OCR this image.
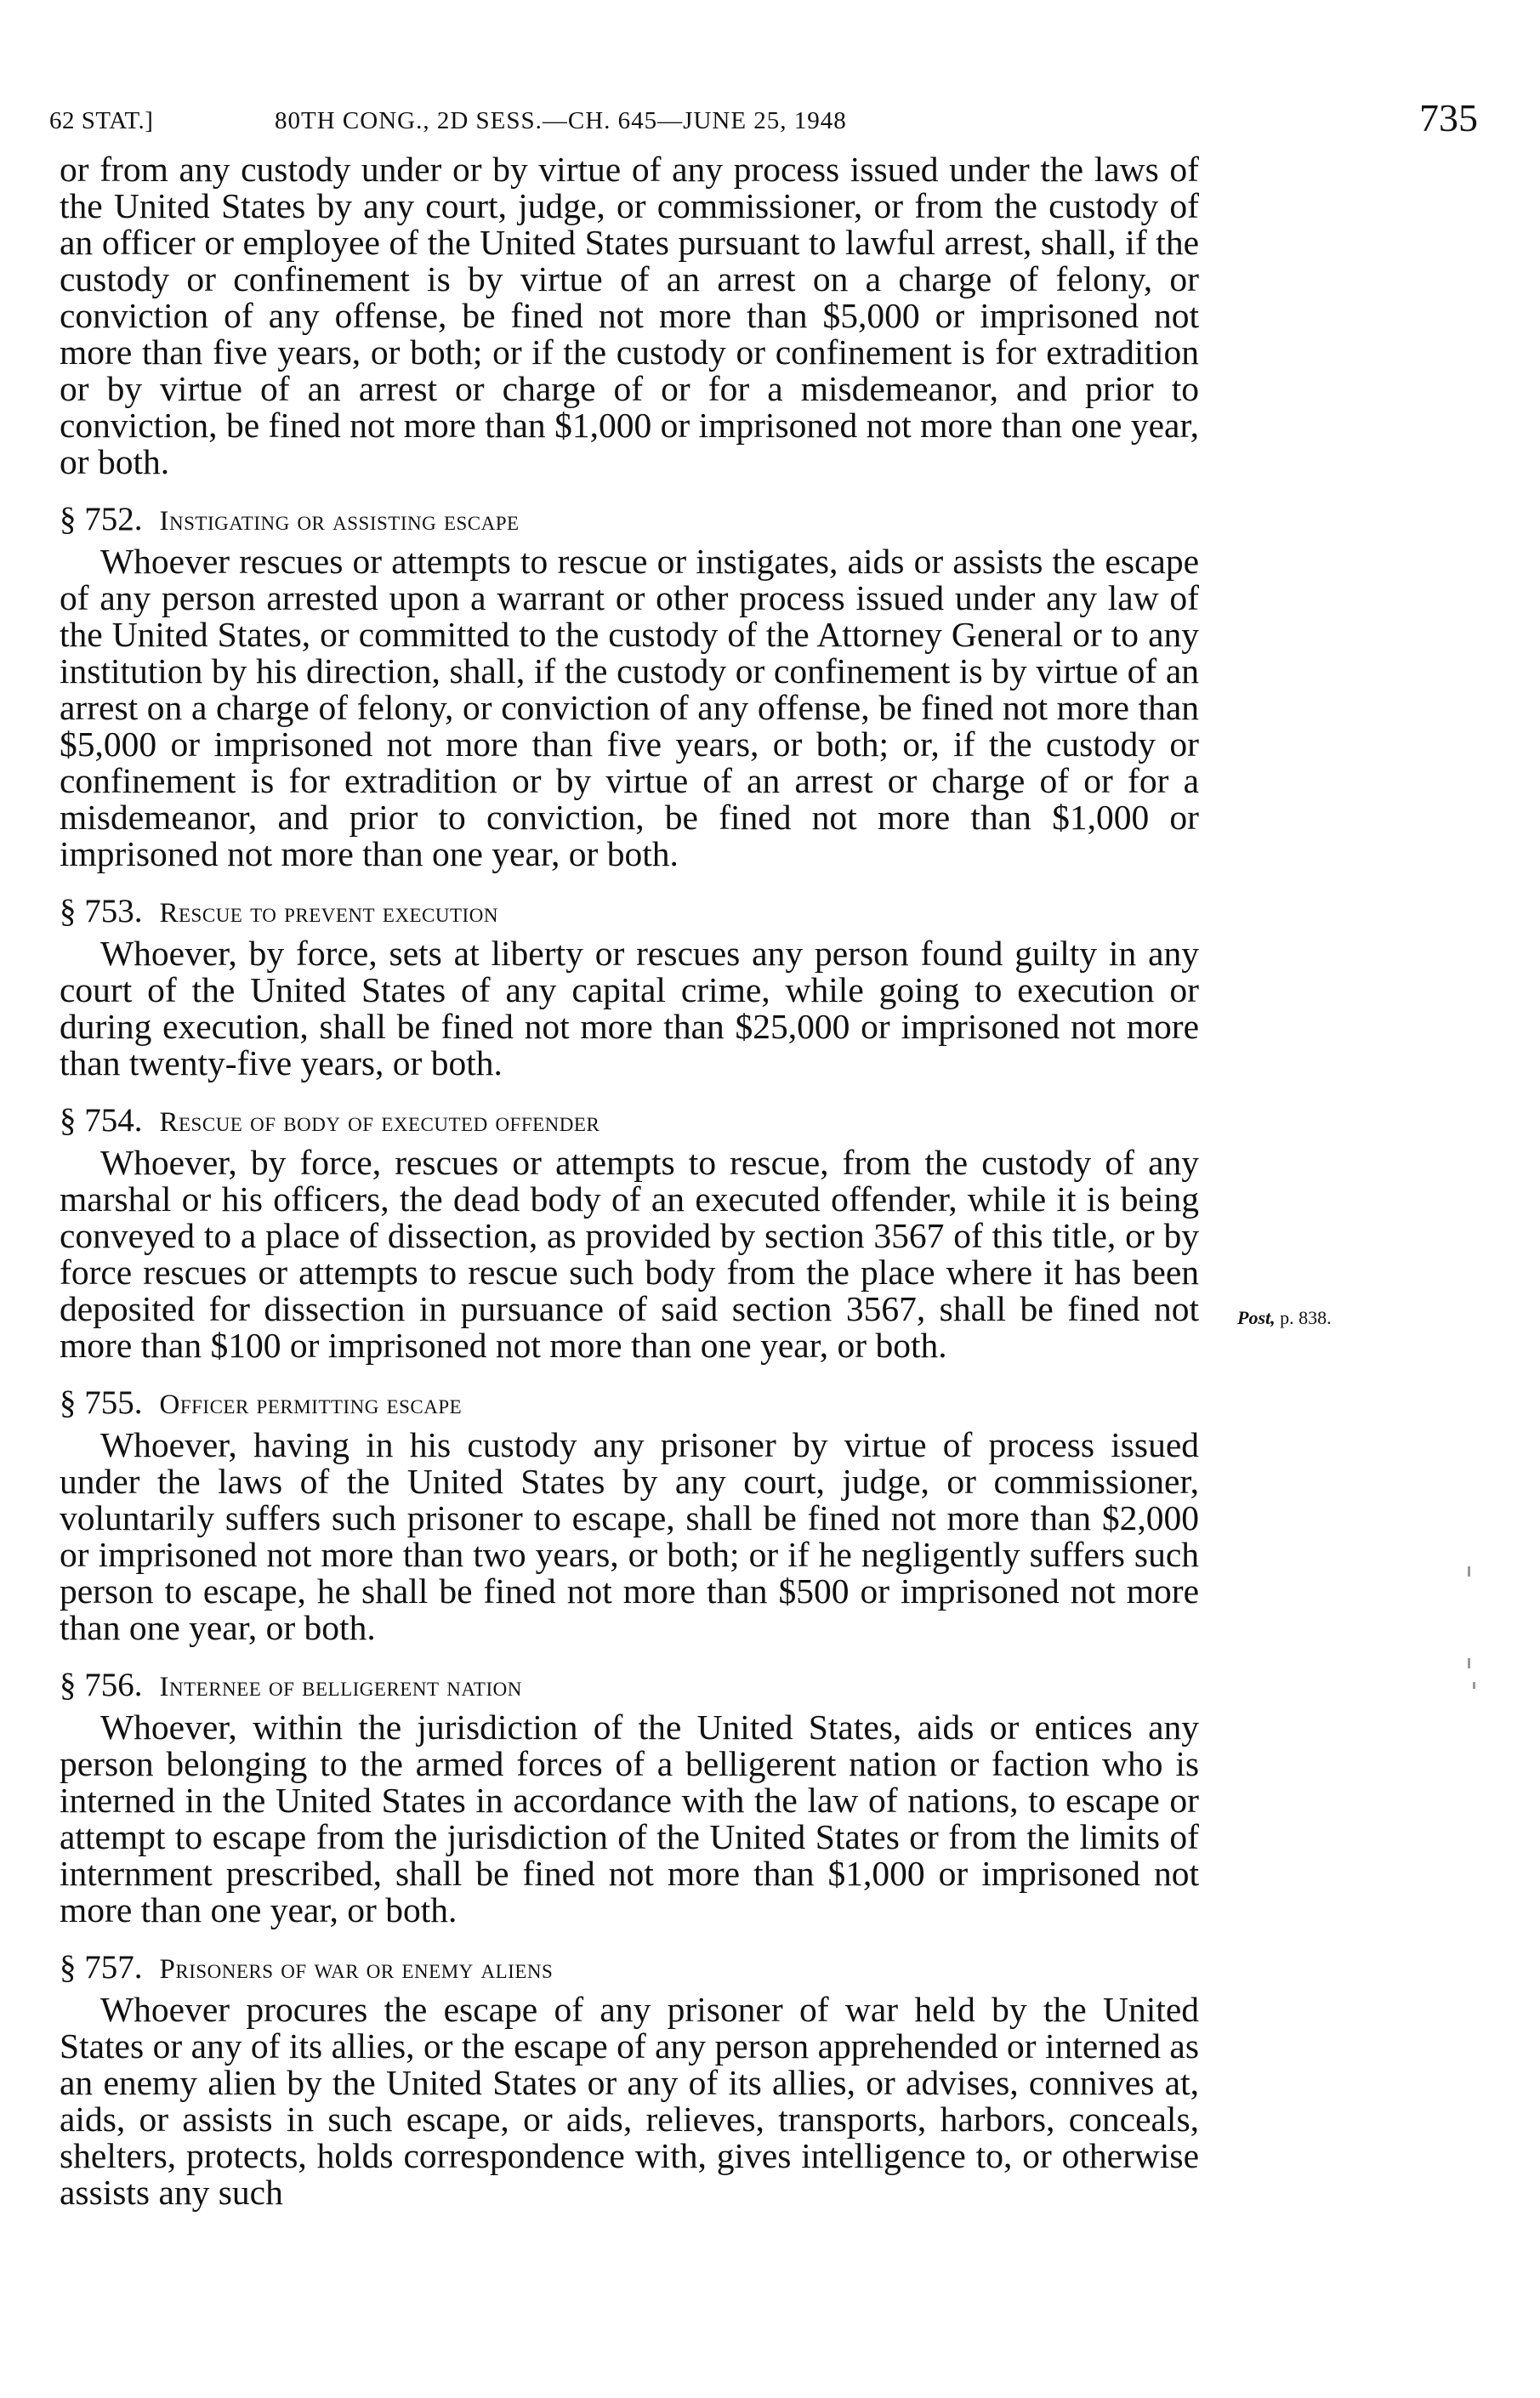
62 STAT.]	80TH CONG., 2D SESS.—CH. 645—JUNE 25, 1948	735

or from any custody under or by virtue of any process issued under the laws of the United States by any court, judge, or commissioner, or from the custody of an officer or employee of the United States pursuant to lawful arrest, shall, if the custody or confinement is by virtue of an arrest on a charge of felony, or conviction of any offense, be fined not more than $5,000 or imprisoned not more than five years, or both; or if the custody or confinement is for extradition or by virtue of an arrest or charge of or for a misdemeanor, and prior to conviction, be fined not more than $1,000 or imprisoned not more than one year, or both.

§ 752. Instigating or assisting escape

Whoever rescues or attempts to rescue or instigates, aids or assists the escape of any person arrested upon a warrant or other process issued under any law of the United States, or committed to the custody of the Attorney General or to any institution by his direction, shall, if the custody or confinement is by virtue of an arrest on a charge of felony, or conviction of any offense, be fined not more than $5,000 or imprisoned not more than five years, or both; or, if the custody or confinement is for extradition or by virtue of an arrest or charge of or for a misdemeanor, and prior to conviction, be fined not more than $1,000 or imprisoned not more than one year, or both.

§ 753. Rescue to prevent execution

Whoever, by force, sets at liberty or rescues any person found guilty in any court of the United States of any capital crime, while going to execution or during execution, shall be fined not more than $25,000 or imprisoned not more than twenty-five years, or both.

§ 754. Rescue of body of executed offender

Whoever, by force, rescues or attempts to rescue, from the custody of any marshal or his officers, the dead body of an executed offender, while it is being conveyed to a place of dissection, as provided by section 3567 of this title, or by force rescues or attempts to rescue such body from the place where it has been deposited for dissection in pursuance of said section 3567, shall be fined not more than $100 or imprisoned not more than one year, or both.

§ 755. Officer permitting escape

Whoever, having in his custody any prisoner by virtue of process issued under the laws of the United States by any court, judge, or commissioner, voluntarily suffers such prisoner to escape, shall be fined not more than $2,000 or imprisoned not more than two years, or both; or if he negligently suffers such person to escape, he shall be fined not more than $500 or imprisoned not more than one year, or both.

§ 756. Internee of belligerent nation

Whoever, within the jurisdiction of the United States, aids or entices any person belonging to the armed forces of a belligerent nation or faction who is interned in the United States in accordance with the law of nations, to escape or attempt to escape from the jurisdiction of the United States or from the limits of internment prescribed, shall be fined not more than $1,000 or imprisoned not more than one year, or both.

§ 757. Prisoners of war or enemy aliens

Whoever procures the escape of any prisoner of war held by the United States or any of its allies, or the escape of any person apprehended or interned as an enemy alien by the United States or any of its allies, or advises, connives at, aids, or assists in such escape, or aids, relieves, transports, harbors, conceals, shelters, protects, holds correspondence with, gives intelligence to, or otherwise assists any such

Post, p. 838.
